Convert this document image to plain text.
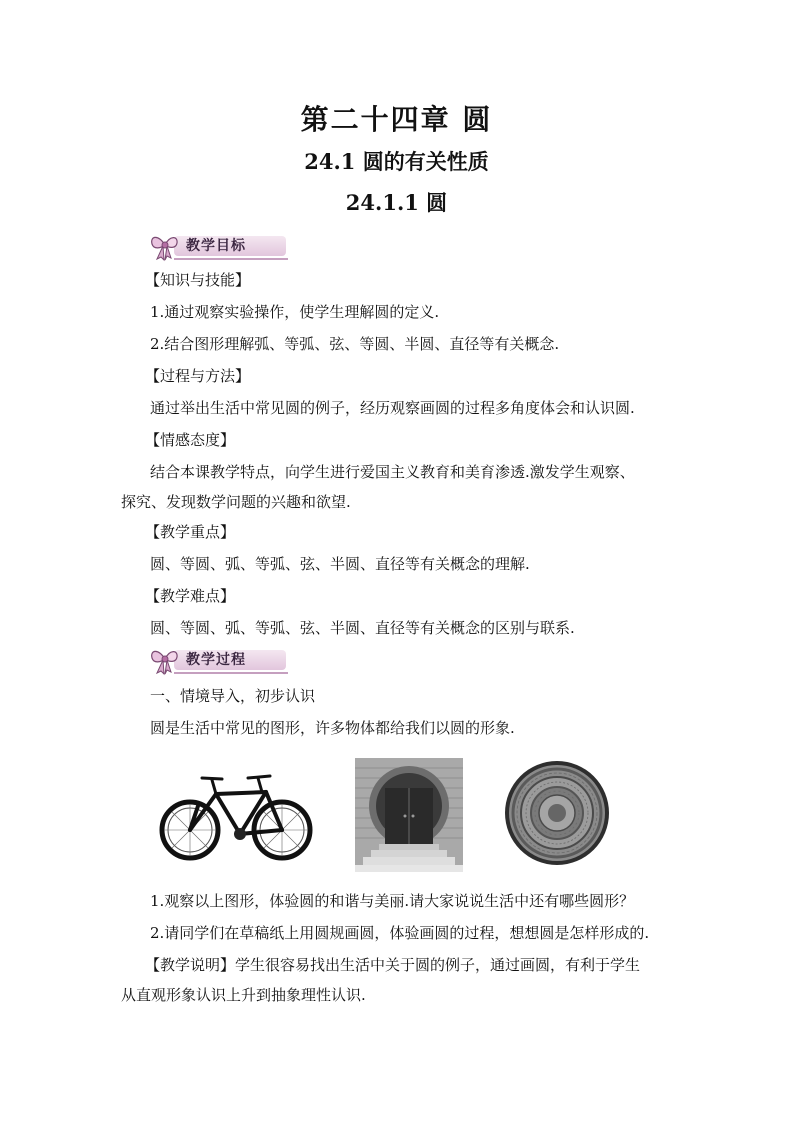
第二十四章 圆
24.1 圆的有关性质
24.1.1 圆
教学目标
【知识与技能】
1.通过观察实验操作，使学生理解圆的定义.
2.结合图形理解弧、等弧、弦、等圆、半圆、直径等有关概念.
【过程与方法】
通过举出生活中常见圆的例子，经历观察画圆的过程多角度体会和认识圆.
【情感态度】
结合本课教学特点，向学生进行爱国主义教育和美育渗透.激发学生观察、
探究、发现数学问题的兴趣和欲望.
【教学重点】
圆、等圆、弧、等弧、弦、半圆、直径等有关概念的理解.
【教学难点】
圆、等圆、弧、等弧、弦、半圆、直径等有关概念的区别与联系.
教学过程
一、情境导入，初步认识
圆是生活中常见的图形，许多物体都给我们以圆的形象.
1.观察以上图形，体验圆的和谐与美丽.请大家说说生活中还有哪些圆形？
2.请同学们在草稿纸上用圆规画圆，体验画圆的过程，想想圆是怎样形成的.
【教学说明】学生很容易找出生活中关于圆的例子，通过画圆，有利于学生
从直观形象认识上升到抽象理性认识.
